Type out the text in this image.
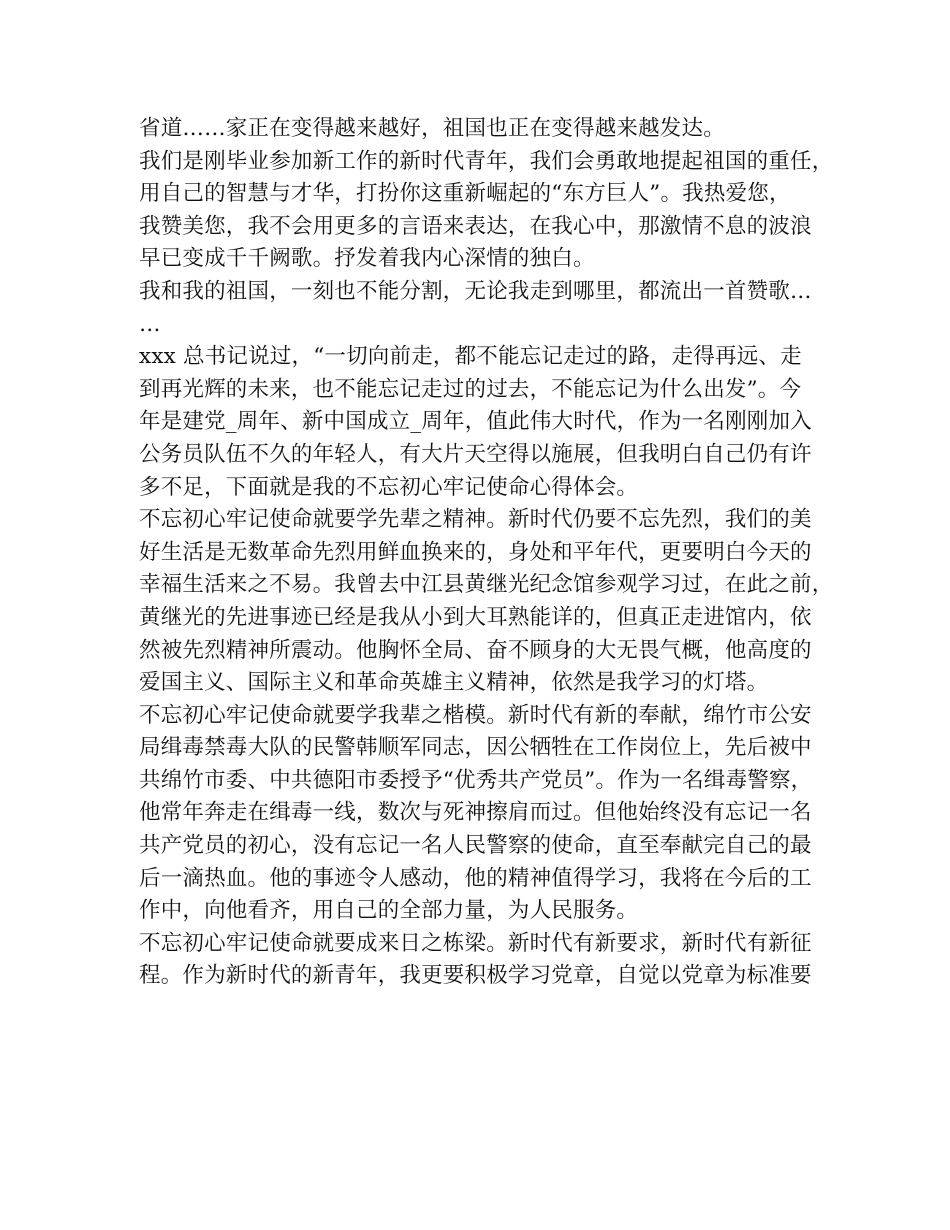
省道……家正在变得越来越好，祖国也正在变得越来越发达。
我们是刚毕业参加新工作的新时代青年，我们会勇敢地提起祖国的重任，
用自己的智慧与才华，打扮你这重新崛起的“东方巨人”。我热爱您，
我赞美您，我不会用更多的言语来表达，在我心中，那激情不息的波浪
早已变成千千阙歌。抒发着我内心深情的独白。
我和我的祖国，一刻也不能分割，无论我走到哪里，都流出一首赞歌…
…
xxx 总书记说过，“一切向前走，都不能忘记走过的路，走得再远、走
到再光辉的未来，也不能忘记走过的过去，不能忘记为什么出发”。今
年是建党_周年、新中国成立_周年，值此伟大时代，作为一名刚刚加入
公务员队伍不久的年轻人，有大片天空得以施展，但我明白自己仍有许
多不足，下面就是我的不忘初心牢记使命心得体会。
不忘初心牢记使命就要学先辈之精神。新时代仍要不忘先烈，我们的美
好生活是无数革命先烈用鲜血换来的，身处和平年代，更要明白今天的
幸福生活来之不易。我曾去中江县黄继光纪念馆参观学习过，在此之前，
黄继光的先进事迹已经是我从小到大耳熟能详的，但真正走进馆内，依
然被先烈精神所震动。他胸怀全局、奋不顾身的大无畏气概，他高度的
爱国主义、国际主义和革命英雄主义精神，依然是我学习的灯塔。
不忘初心牢记使命就要学我辈之楷模。新时代有新的奉献，绵竹市公安
局缉毒禁毒大队的民警韩顺军同志，因公牺牲在工作岗位上，先后被中
共绵竹市委、中共德阳市委授予“优秀共产党员”。作为一名缉毒警察，
他常年奔走在缉毒一线，数次与死神擦肩而过。但他始终没有忘记一名
共产党员的初心，没有忘记一名人民警察的使命，直至奉献完自己的最
后一滴热血。他的事迹令人感动，他的精神值得学习，我将在今后的工
作中，向他看齐，用自己的全部力量，为人民服务。
不忘初心牢记使命就要成来日之栋梁。新时代有新要求，新时代有新征
程。作为新时代的新青年，我更要积极学习党章，自觉以党章为标准要
